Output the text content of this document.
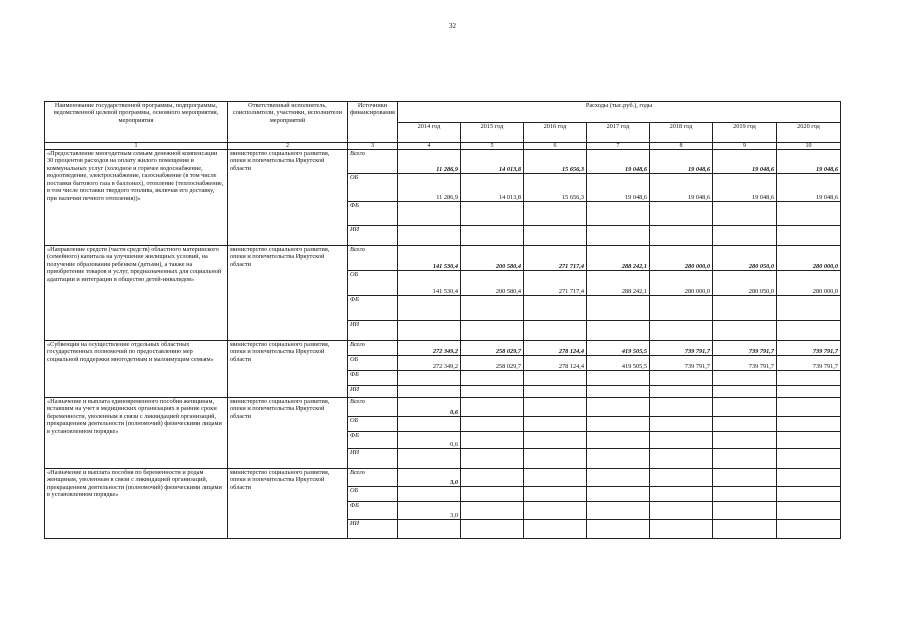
32
Наименование государственной программы, подпрограммы, ведомственной целевой программы, основного мероприятия, мероприятия	Ответственный исполнитель, соисполнители, участники, исполнители мероприятий	Источники финансирования	Расходы (тыс.руб.), годы						
			2014 год	2015 год	2016 год	2017 год	2018 год	2019 год	2020 год
1	2	3	4	5	6	7	8	9	10
«Предоставление многодетным семьям денежной компенсации 30 процентов расходов на оплату жилого помещения и коммунальных услуг (холодное и горячее водоснабжение, водоотведение, электроснабжение, газоснабжение (в том числе поставки бытового газа в баллонах), отопление (теплоснабжение, в том числе поставки твердого топлива, включая его доставку, при наличии печного отопления))»	министерство социального развития, опеки и попечительства Иркутской области	Всего	11 286,9	14 013,8	15 656,3	19 048,6	19 048,6	19 048,6	19 048,6
		ОБ	11 286,9	14 013,8	15 656,3	19 048,6	19 048,6	19 048,6	19 048,6
		ФБ							
		ИИ							
«Направление средств (части средств) областного материнского (семейного) капитала на улучшение жилищных условий, на получение образования ребенком (детьми), а также на приобретение товаров и услуг, предназначенных для социальной адаптации и интеграции в общество детей-инвалидов»	министерство социального развития, опеки и попечительства Иркутской области	Всего	141 530,4	200 580,4	271 717,4	288 242,1	280 000,0	280 050,0	280 000,0
		ОБ	141 530,4	200 580,4	271 717,4	288 242,1	280 000,0	280 050,0	280 000,0
		ФБ							
		ИИ							
«Субвенция на осуществление отдельных областных государственных полномочий по предоставлению мер социальной поддержки многодетным и малоимущим семьям»	министерство социального развития, опеки и попечительства Иркутской области	Всего	272 349,2	258 029,7	278 124,4	419 505,5	739 791,7	739 791,7	739 791,7
		ОБ	272 349,2	258 029,7	278 124,4	419 505,5	739 791,7	739 791,7	739 791,7
		ФБ							
		ИИ							
«Назначение и выплата единовременного пособия женщинам, вставшим на учет в медицинских организациях в ранние сроки беременности, уволенным в связи с ликвидацией организаций, прекращением деятельности (полномочий) физическими лицами в установленном порядке»	министерство социального развития, опеки и попечительства Иркутской области	Всего	0,6						
		ОБ							
		ФБ	0,6						
		ИИ							
«Назначение и выплата пособия по беременности и родам женщинам, уволенным в связи с ликвидацией организаций, прекращением деятельности (полномочий) физическими лицами в установленном порядке»	министерство социального развития, опеки и попечительства Иркутской области	Всего	3,0						
		ОБ							
		ФБ	3,0						
		ИИ							
